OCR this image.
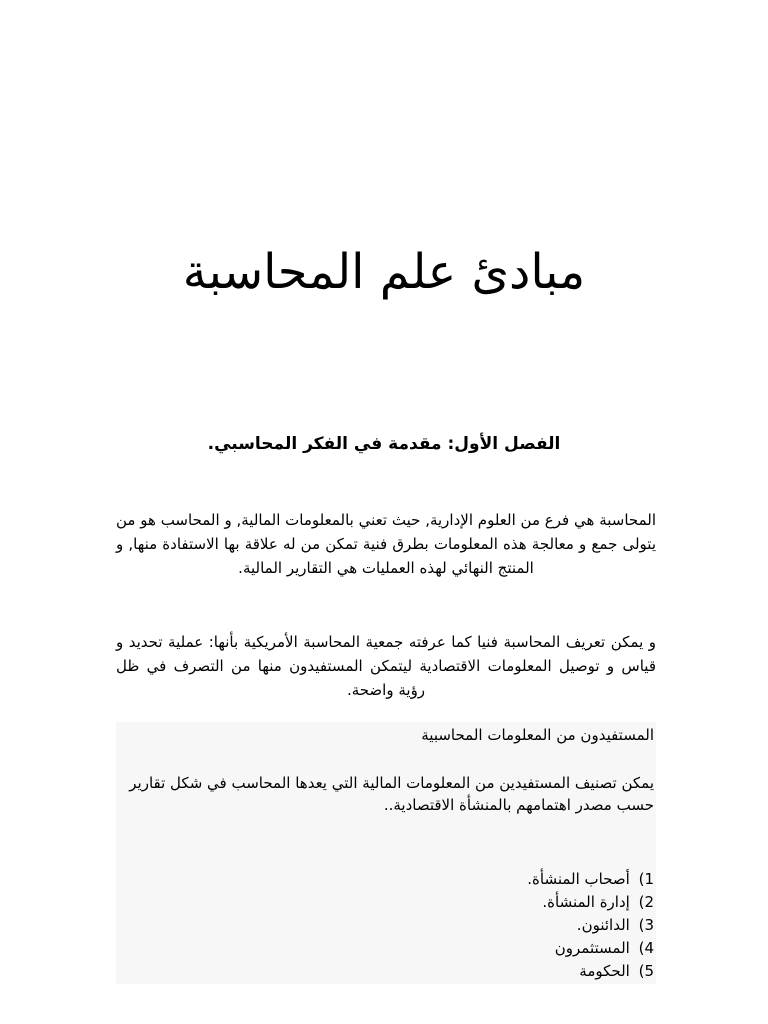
مبادئ علم المحاسبة
الفصل الأول: مقدمة في الفكر المحاسبي.

المحاسبة هي فرع من العلوم الإدارية, حيث تعني بالمعلومات المالية, و المحاسب هو من يتولى جمع و معالجة هذه المعلومات بطرق فنية تمكن من له علاقة بها الاستفادة منها, و المنتج النهائي لهذه العمليات هي التقارير المالية.

و يمكن تعريف المحاسبة فنيا كما عرفته جمعية المحاسبة الأمريكية بأنها: عملية تحديد و قياس و توصيل المعلومات الاقتصادية ليتمكن المستفيدون منها من التصرف في ظل رؤية واضحة.

المستفيدون من المعلومات المحاسبية

يمكن تصنيف المستفيدين من المعلومات المالية التي يعدها المحاسب في شكل تقارير حسب مصدر اهتمامهم بالمنشأة الاقتصادية..

1) أصحاب المنشأة.
2) إدارة المنشأة.
3) الدائنون.
4) المستثمرون
5) الحكومة
